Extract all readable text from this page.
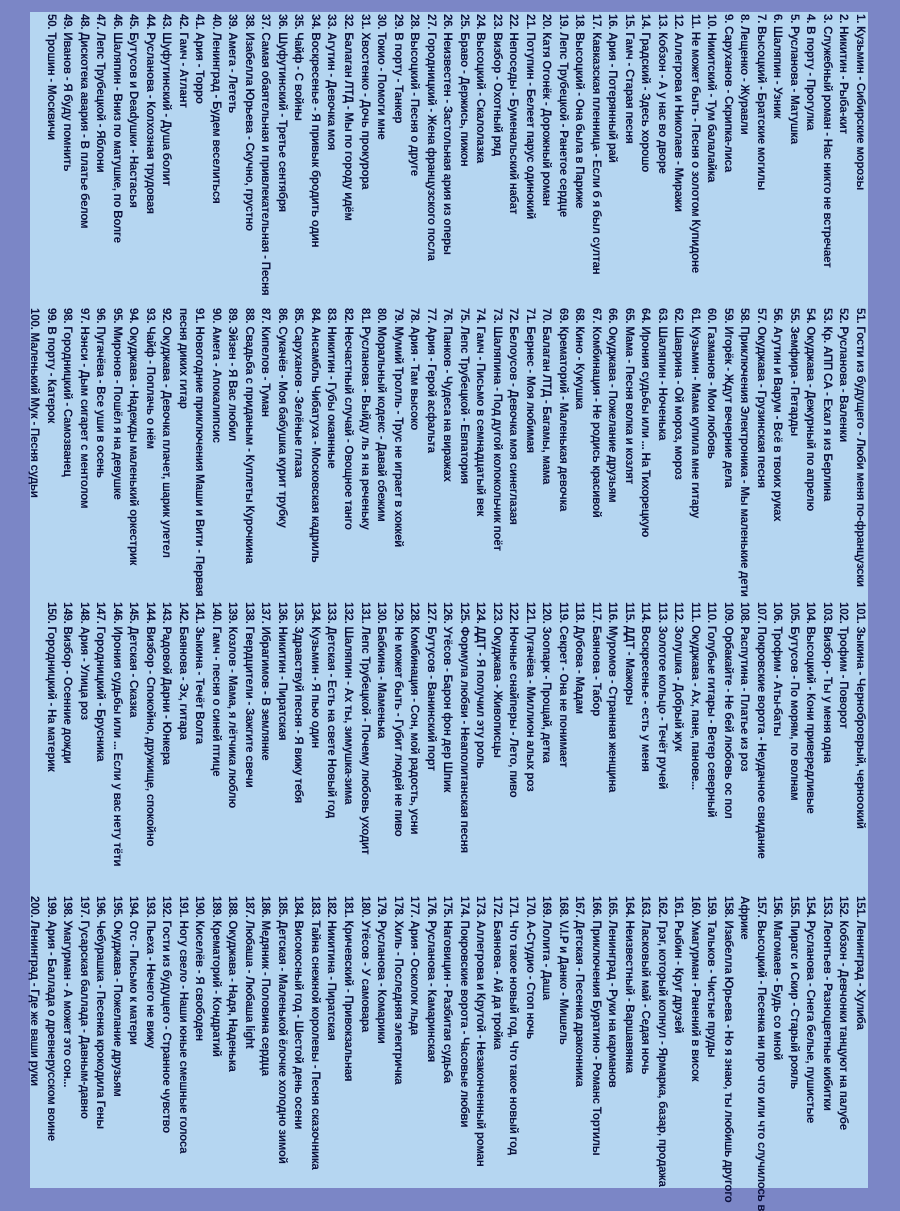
1. Кузьмин - Сибирские морозы
2. Никитин - Рыба-кит
3. Служебный роман - Нас никто не встречает
4. В порту - Прогулка
5. Русланова - Матушка
6. Шаляпин - Узник
7. Высоцкий - Братские могилы
8. Лещенко - Журавли
9. Саруханов - Скрипка-лиса
10. Никитский - Тум балалайка
11. Не может быть - Песня о золотом Купидоне
12. Аллегрова и Николаев - Миражи
13. Кобзон - А у нас во дворе
14. Градский - Здесь хорошо
15. Гамч - Старая песня
16. Ария - Потерянный рай
17. Кавказская пленница - Если б я был султан
18. Высоцкий - Она была в Париже
19. Лепс Трубецкой - Ранетое сердце
20. Катя Огонёк - Дорожный роман
21. Потупин - Белеет парус одинокий
22. Непоседы - Буменальский набат
23. Визбор - Охотный ряд
24. Высоцкий - Скалолазка
25. Браво - Держись, пижон
26. Неизвестен - Застольная ария из оперы
27. Городницкий - Жена французского посла
28. Высоцкий - Песня о друге
29. В порту - Танкер
30. Токио - Помоги мне
31. Хвостенко - Дочь прокурора
32. Балаган ЛТД - Мы по городу идём
33. Агутин - Девочка моя
34. Воскресенье - Я привык бродить один
35. Чайф - С войны
36. Шуфутинский - Третье сентября
37. Самая обаятельная и привлекательная - Песня
38. Изабелла Юрьева - Скучно, грустно
39. Амега - Лететь
40. Ленинград - Будем веселиться
41. Ария - Торро
42. Гамч - Атлант
43. Шуфутинский - Душа болит
44. Русланова - Колхозная трудовая
45. Бутусов и Deadушки - Настасья
46. Шаляпин - Вниз по матушке, по Волге
47. Лепс Трубецкой - Яблони
48. Дискотека авария - В платье белом
49. Иванов - Я буду помнить
50. Трошин - Москвичи
51. Гости из будущего - Люби меня по-французски
52. Русланова - Валенки
53. Кр. АПП СА - Ехал я из Берлина
54. Окуджава - Дежурный по апрелю
55. Земфира - Петарды
56. Агутин и Варум - Всё в твоих руках
57. Окуджава - Грузинская песня
58. Приключения Электроника - Мы маленькие дети
59. Игорёк - Ждут вечерние дела
60. Газманов - Мои любовь
61. Кузьмин - Мама купила мне гитару
62. Шаврина - Ой мороз, мороз
63. Шаляпин - Ноченька
64. Ирония судьбы или ... На Тихорецкую
65. Мама - Песня волка и козлят
66. Окуджава - Пожелание друзьям
67. Комбинация - Не родись красивой
68. Кино - Кукушка
69. Крематорий - Маленькая девочка
70. Балаган ЛТД - Багамы, мама
71. Бернес - Моя любимая
72. Белоусов - Девочка моя синеглазая
73. Шаляпина - Под дугой колокольчик поёт
74. Гамч - Письмо в семнадцатый век
75. Лепс Трубецкой - Евпатория
76. Панков - Чудеса на виражах
77. Ария - Герой асфальта
78. Ария - Там высоко
79. Мумий Тролль - Трус не играет в хоккей
80. Моральный кодекс - Давай сбежим
81. Русланова - Выйду ль я на реченьку
82. Несчастный случай - Овощное танго
83. Никитин - Губы окаянные
84. Ансамбль Чибатуха - Московская кадриль
85. Саруханов - Зелёные глаза
86. Сукачёв - Моя бабушка курит трубку
87. Кипелов - Туман
88. Свадьба с приданым - Куплеты Курочкина
89. Эйзен - Я Вас любил
90. Амега - Апокалипсис
91. Новогодние приключения Маши и Вити - Первая
песня диких гитар
92. Окуджава - Девочка плачет, шарик улетел
93. Чайф - Поплачь о нём
94. Окуджава - Надежды маленький оркестрик
95. Миронов - Пошёл я на девушке
96. Пугачёва - Все уши в осень
97. Нэнси - Дым сигарет с ментолом
98. Городницкий - Самозванец
99. В порту - Катерок
100. Маленький Мук - Песня судьи
101. Зыкина - Черноброврый, черноокий
102. Трофим - Поворот
103. Визбор - Ты у меня одна
104. Высоцкий - Кони привередливые
105. Бутусов - По морям, по волнам
106. Трофим - Аты-баты
107. Покровские ворота - Неудачное свидание
108. Распутина - Платье из роз
109. Орбакайте - Не бей любовь ос пол
110. Голубые гитары - Ветер северный
111. Окуджава - Ах, пане, панове...
112. Золушка - Добрый жук
113. Золотое кольцо - Течёт ручей
114. Воскресенье - есть у меня
115. ДДТ - Мажоры
116. Муромов - Странная женщина
117. Баянова - Табор
118. Дубова - Мадам
119. Секрет - Она не понимает
120. Зоопарк - Прощай, детка
121. Пугачёва - Миллион алых роз
122. Ночные снайперы - Лето, пиво
123. Окуджава - Живописцы
124. ДДТ - Я получил эту роль
125. Формула любви - Неаполитанская песня
126. Утёсов - Барон фон дер Шпик
127. Бутусов - Ванинский порт
128. Комбинация - Сон, мой радость, усни
129. Не может быть - Губит людей не пиво
130. Бабкина - Маменька
131. Лепс Трубецкой - Почему любовь уходит
132. Шаляпин - Ах ты, зимушка-зима
133. Детская - Есть на свете Новый год
134. Кузьмин - Я пью один
135. Здравствуй песня - Я вижу тебя
136. Никитин - Пиратская
137. Ибрагимов - В землянке
138. Гвердцители - Зажгите свечи
139. Козлов - Мама, я лётчика люблю
140. Гамч - песня о синей птице
141. Зыкина - Течёт Волга
142. Баянова - Эх, гитара
143. Радовой Дарни - Юнкера
144. Визбор - Спокойно, дружище, спокойно
145. Детская - Сказка
146. Ирония судьбы или ... Если у вас нету тёти
147. Городницкий - Брусника
148. Ария - Улица роз
149. Визбор - Осенние дожди
150. Городницкий - На материк
151. Ленинград - Хулиба
152. Кобзон - Девчонки танцуют на палубе
153. Леонтьев - Разноцветные кибитки
154. Русланова - Снега белые, пушистые
155. Пирагс и Скир - Старый рояль
156. Магомаев - Будь со мной
157. Высоцкий - Песенка ни про что или что случилось в
Африке
158. Изабелла Юрьева - Но я знаю, ты любишь другого
159. Тальков - Чистые пруды
160. Умагурман - Ранений в висок
161. Рыбин - Круг друзей
162. Грэг, который копнул - Ярмарка, базар, продажа
163. Ласковый май - Седая ночь
164. Неизвестный - Варшавянка
165. Ленинград - Руки на карманов
166. Приключения Буратино - Романс Тортилы
167. Детская - Песенка драконника
168. V.I.P и Данко - Мишель
169. Лолита - Даша
170. А-Студио - Стоп ночь
171. Что такое новый год, Что такое новый год
172. Баянова - Ай да тройка
173. Аллегрова и Крутой - Незаконченный роман
174. Покровские ворота - Часовые любви
175. Наговицин - Разбитая судьба
176. Русланова - Камаринская
177. Ария - Осколок льда
178. Хиль - Последняя электричка
179. Русланова - Комарики
180. Утёсов - У самовара
181. Кричевский - Привокзальная
182. Никитина - Пиратская
183. Тайна снежной королевы - Песня сказочника
184. Високосный год - Шестой день осени
185. Детская - Маленькой ёлочке холодно зимой
186. Медяник - Половина сердца
187. Любаша - Любаша light
188. Окуджава - Надя, Наденька
189. Крематорий - Кондратий
190. Киселёв - Я свободен
191. Ногу свело - Наши юные смешные голоса
192. Гости из будущего - Странное чувство
193. Пьеха - Нечего не вижу
194. Отс - Письмо к матери
195. Окуджава - Пожелание друзьям
196. Чебурашка - Песенка крокодила Гены
197. Гусарская баллада - Давным-давно
198. Умагурман - А может это сон...
199. Ария - Баллада о древнерусском воине
200. Ленинград - Где же ваши руки
